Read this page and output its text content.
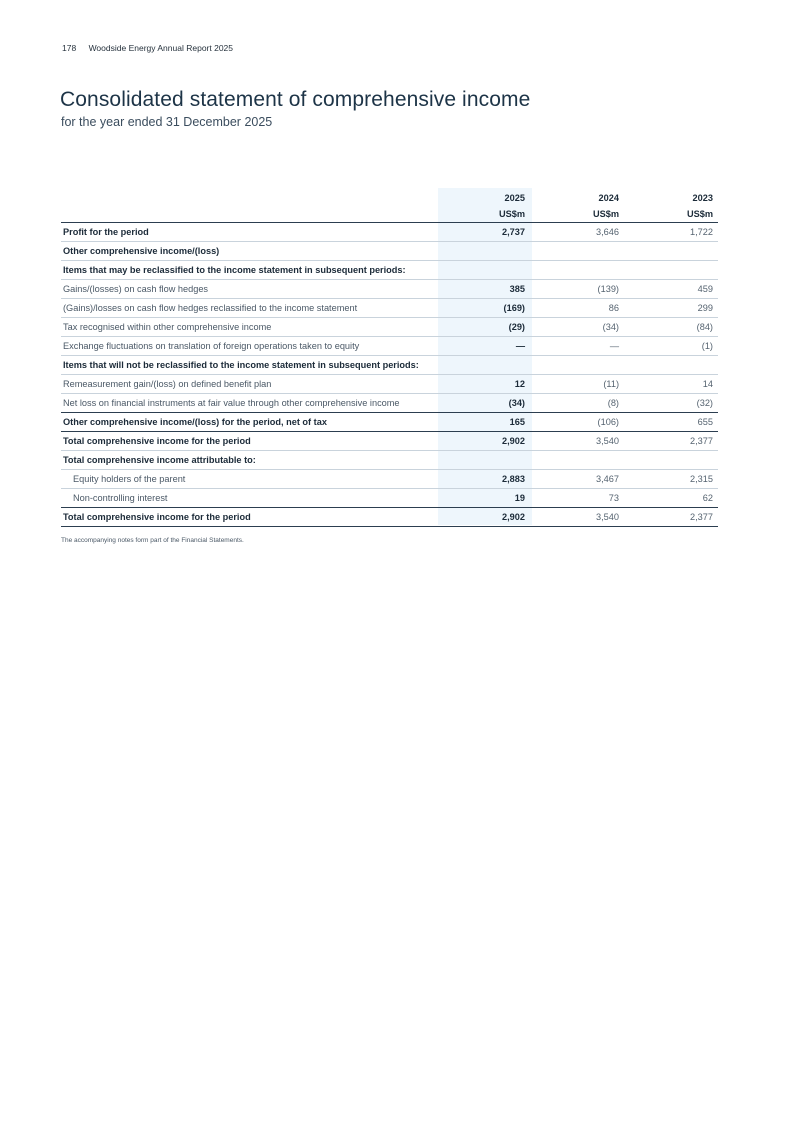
178 Woodside Energy Annual Report 2025
Consolidated statement of comprehensive income
for the year ended 31 December 2025
	2025	2024	2023
	US$m	US$m	US$m
Profit for the period	2,737	3,646	1,722
Other comprehensive income/(loss)			
Items that may be reclassified to the income statement in subsequent periods:			
Gains/(losses) on cash flow hedges	385	(139)	459
(Gains)/losses on cash flow hedges reclassified to the income statement	(169)	86	299
Tax recognised within other comprehensive income	(29)	(34)	(84)
Exchange fluctuations on translation of foreign operations taken to equity	—	—	(1)
Items that will not be reclassified to the income statement in subsequent periods:			
Remeasurement gain/(loss) on defined benefit plan	12	(11)	14
Net loss on financial instruments at fair value through other comprehensive income	(34)	(8)	(32)
Other comprehensive income/(loss) for the period, net of tax	165	(106)	655
Total comprehensive income for the period	2,902	3,540	2,377
Total comprehensive income attributable to:			
Equity holders of the parent	2,883	3,467	2,315
Non-controlling interest	19	73	62
Total comprehensive income for the period	2,902	3,540	2,377
The accompanying notes form part of the Financial Statements.
